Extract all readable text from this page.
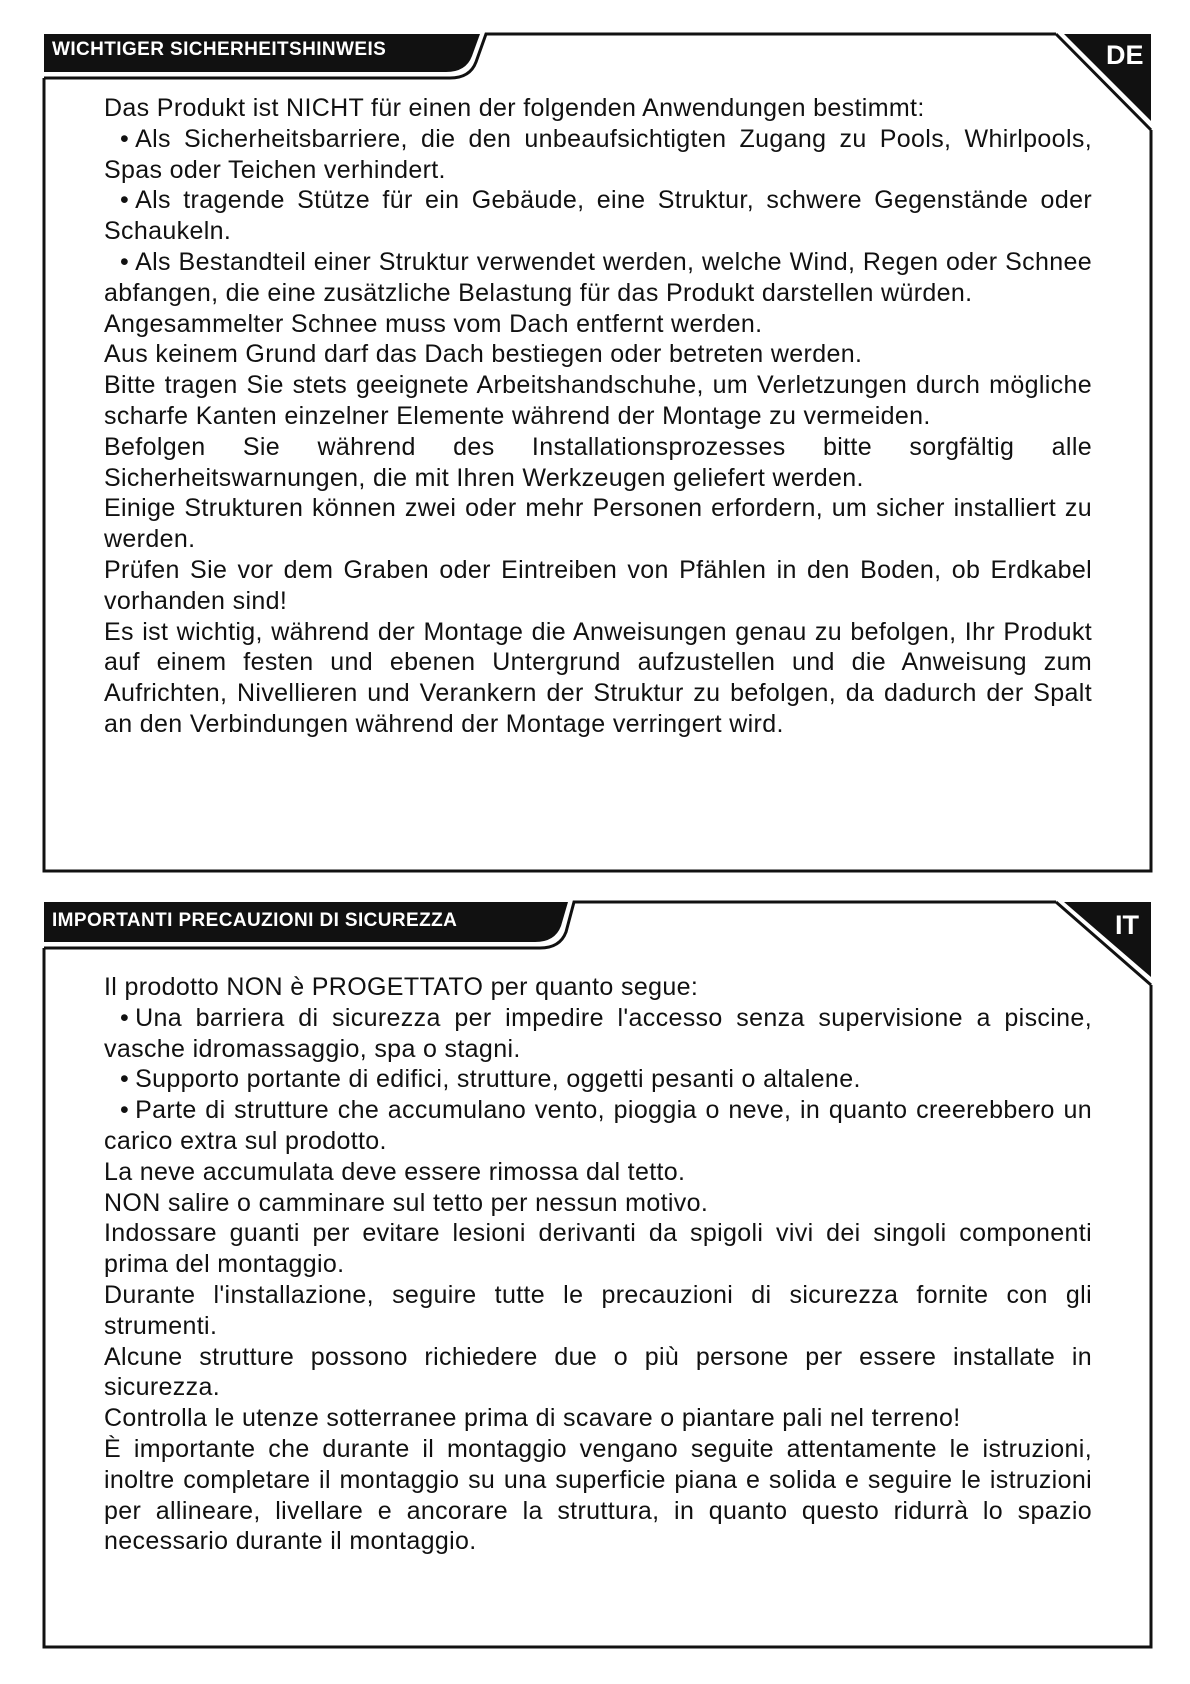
WICHTIGER SICHERHEITSHINWEIS	DE

Das Produkt ist NICHT für einen der folgenden Anwendungen bestimmt:

• Als Sicherheitsbarriere, die den unbeaufsichtigten Zugang zu Pools, Whirlpools, Spas oder Teichen verhindert.

• Als tragende Stütze für ein Gebäude, eine Struktur, schwere Gegenstände oder Schaukeln.

• Als Bestandteil einer Struktur verwendet werden, welche Wind, Regen oder Schnee abfangen, die eine zusätzliche Belastung für das Produkt darstellen würden.

Angesammelter Schnee muss vom Dach entfernt werden.

Aus keinem Grund darf das Dach bestiegen oder betreten werden.

Bitte tragen Sie stets geeignete Arbeitshandschuhe, um Verletzungen durch mögliche scharfe Kanten einzelner Elemente während der Montage zu vermeiden.

Befolgen Sie während des Installationsprozesses bitte sorgfältig alle Sicherheitswarnungen, die mit Ihren Werkzeugen geliefert werden.

Einige Strukturen können zwei oder mehr Personen erfordern, um sicher installiert zu werden.

Prüfen Sie vor dem Graben oder Eintreiben von Pfählen in den Boden, ob Erdkabel vorhanden sind!

Es ist wichtig, während der Montage die Anweisungen genau zu befolgen, Ihr Produkt auf einem festen und ebenen Untergrund aufzustellen und die Anweisung zum Aufrichten, Nivellieren und Verankern der Struktur zu befolgen, da dadurch der Spalt an den Verbindungen während der Montage verringert wird.

IMPORTANTI PRECAUZIONI DI SICUREZZA	IT

Il prodotto NON è PROGETTATO per quanto segue:

• Una barriera di sicurezza per impedire l'accesso senza supervisione a piscine, vasche idromassaggio, spa o stagni.

• Supporto portante di edifici, strutture, oggetti pesanti o altalene.

• Parte di strutture che accumulano vento, pioggia o neve, in quanto creerebbero un carico extra sul prodotto.

La neve accumulata deve essere rimossa dal tetto.

NON salire o camminare sul tetto per nessun motivo.

Indossare guanti per evitare lesioni derivanti da spigoli vivi dei singoli componenti prima del montaggio.

Durante l'installazione, seguire tutte le precauzioni di sicurezza fornite con gli strumenti.

Alcune strutture possono richiedere due o più persone per essere installate in sicurezza.

Controlla le utenze sotterranee prima di scavare o piantare pali nel terreno!

È importante che durante il montaggio vengano seguite attentamente le istruzioni, inoltre completare il montaggio su una superficie piana e solida e seguire le istruzioni per allineare, livellare e ancorare la struttura, in quanto questo ridurrà lo spazio necessario durante il montaggio.
